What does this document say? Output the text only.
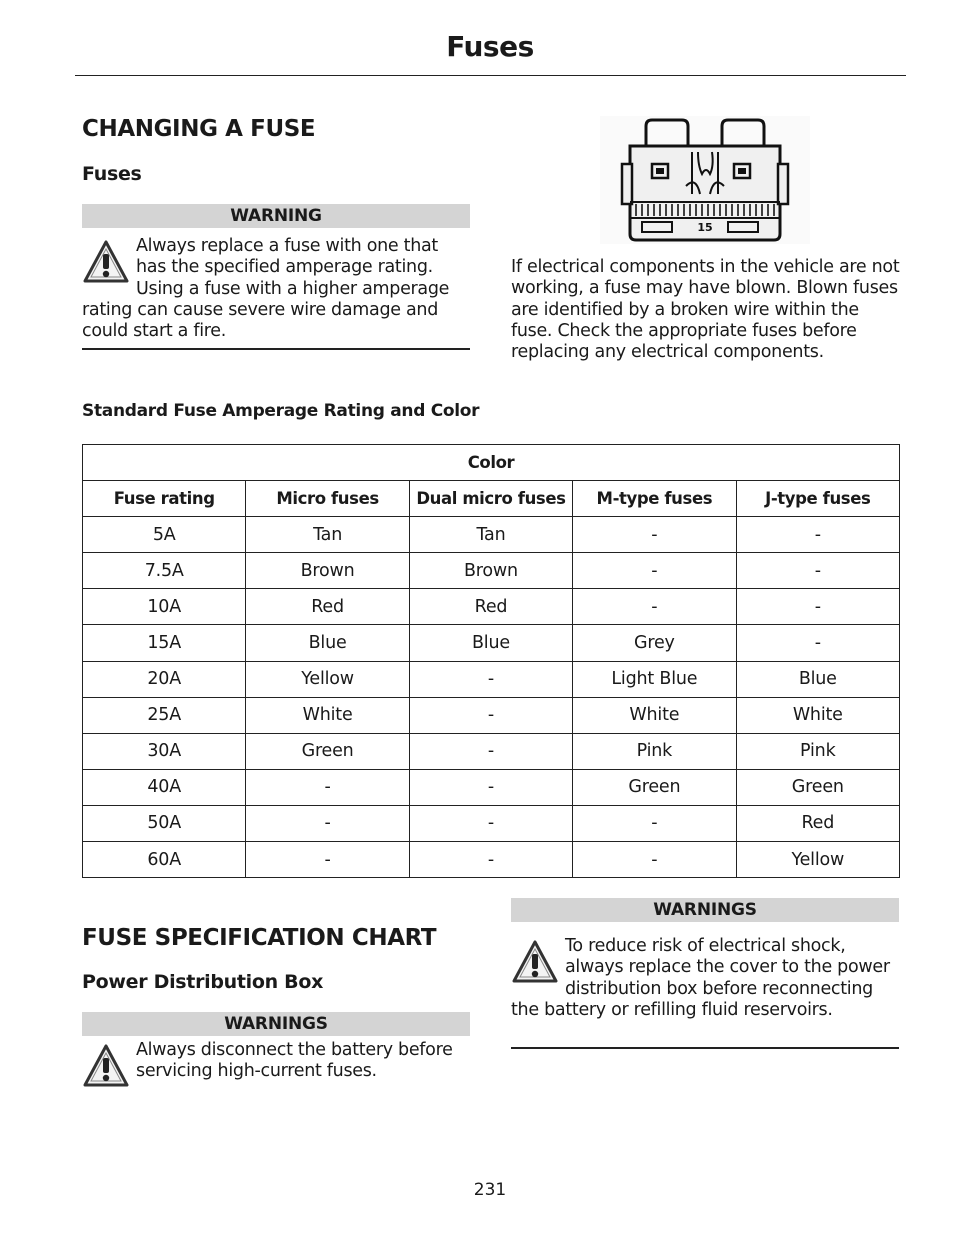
Fuses
CHANGING A FUSE
Fuses
WARNING
Always replace a fuse with one that has the specified amperage rating. Using a fuse with a higher amperage rating can cause severe wire damage and could start a fire.
15
If electrical components in the vehicle are not working, a fuse may have blown. Blown fuses are identified by a broken wire within the fuse. Check the appropriate fuses before replacing any electrical components.
Standard Fuse Amperage Rating and Color
Color				
Fuse rating	Micro fuses	Dual micro fuses	M-type fuses	J-type fuses
5A	Tan	Tan	-	-
7.5A	Brown	Brown	-	-
10A	Red	Red	-	-
15A	Blue	Blue	Grey	-
20A	Yellow	-	Light Blue	Blue
25A	White	-	White	White
30A	Green	-	Pink	Pink
40A	-	-	Green	Green
50A	-	-	-	Red
60A	-	-	-	Yellow
FUSE SPECIFICATION CHART
Power Distribution Box
WARNINGS
Always disconnect the battery before servicing high-current fuses.
WARNINGS
To reduce risk of electrical shock, always replace the cover to the power distribution box before reconnecting the battery or refilling fluid reservoirs.
231
